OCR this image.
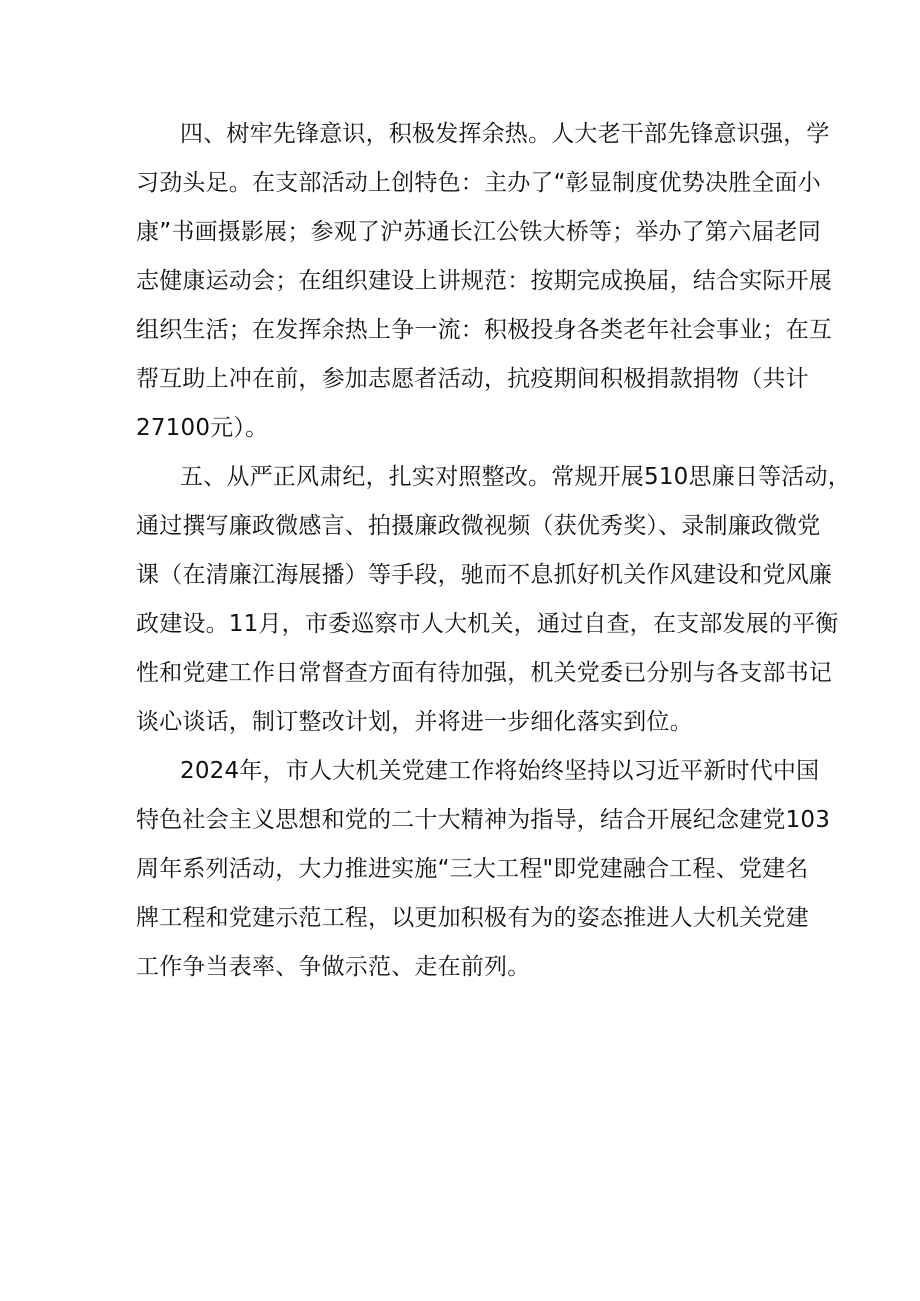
四、树牢先锋意识，积极发挥余热。人大老干部先锋意识强，学
习劲头足。在支部活动上创特色：主办了“彰显制度优势决胜全面小
康”书画摄影展；参观了沪苏通长江公铁大桥等；举办了第六届老同
志健康运动会；在组织建设上讲规范：按期完成换届，结合实际开展
组织生活；在发挥余热上争一流：积极投身各类老年社会事业；在互
帮互助上冲在前，参加志愿者活动，抗疫期间积极捐款捐物（共计
27100元）。
五、从严正风肃纪，扎实对照整改。常规开展510思廉日等活动，
通过撰写廉政微感言、拍摄廉政微视频（获优秀奖）、录制廉政微党
课（在清廉江海展播）等手段，驰而不息抓好机关作风建设和党风廉
政建设。11月，市委巡察市人大机关，通过自查，在支部发展的平衡
性和党建工作日常督查方面有待加强，机关党委已分别与各支部书记
谈心谈话，制订整改计划，并将进一步细化落实到位。
2024年，市人大机关党建工作将始终坚持以习近平新时代中国
特色社会主义思想和党的二十大精神为指导，结合开展纪念建党103
周年系列活动，大力推进实施“三大工程"即党建融合工程、党建名
牌工程和党建示范工程，以更加积极有为的姿态推进人大机关党建
工作争当表率、争做示范、走在前列。
